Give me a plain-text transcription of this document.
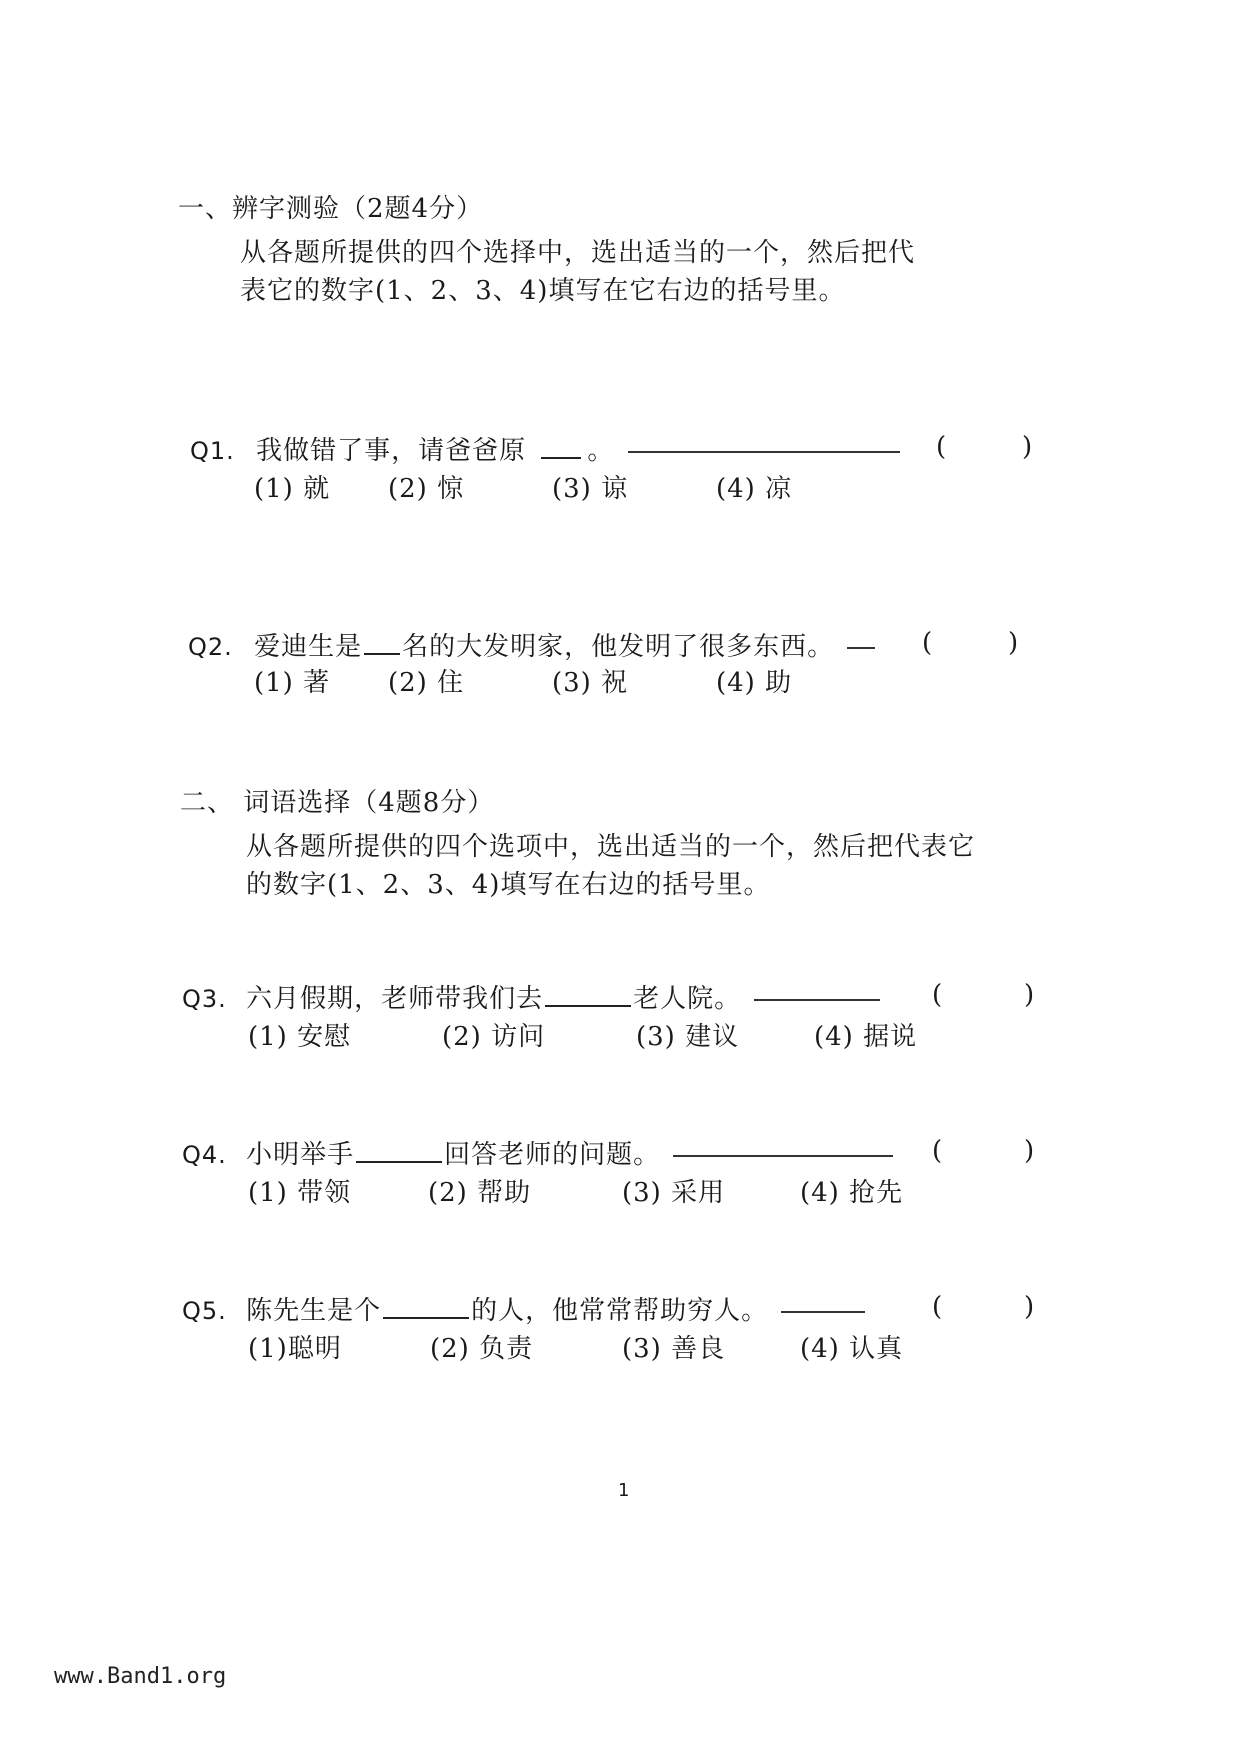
一、辨字测验（2题4分）
从各题所提供的四个选择中，选出适当的一个，然后把代
表它的数字(1、2、3、4)填写在它右边的括号里。
Q1. 我做错了事，请爸爸原 。	(	)
(1) 就 (2) 惊	(3) 谅	(4) 凉
Q2. 爱迪生是 名的大发明家，他发明了很多东西。	(	)
(1) 著 (2) 住	(3) 祝	(4) 助
二、 词语选择（4题8分）
从各题所提供的四个选项中，选出适当的一个，然后把代表它
的数字(1、2、3、4)填写在右边的括号里。
Q3. 六月假期，老师带我们去	老人院。	(	)
(1) 安慰	(2) 访问	(3) 建议	(4) 据说
Q4. 小明举手	回答老师的问题。	(	)
(1) 带领	(2) 帮助	(3) 采用	(4) 抢先
Q5. 陈先生是个	的人，他常常帮助穷人。	(	)
(1)聪明	(2) 负责	(3) 善良	(4) 认真
1
www.Band1.org
